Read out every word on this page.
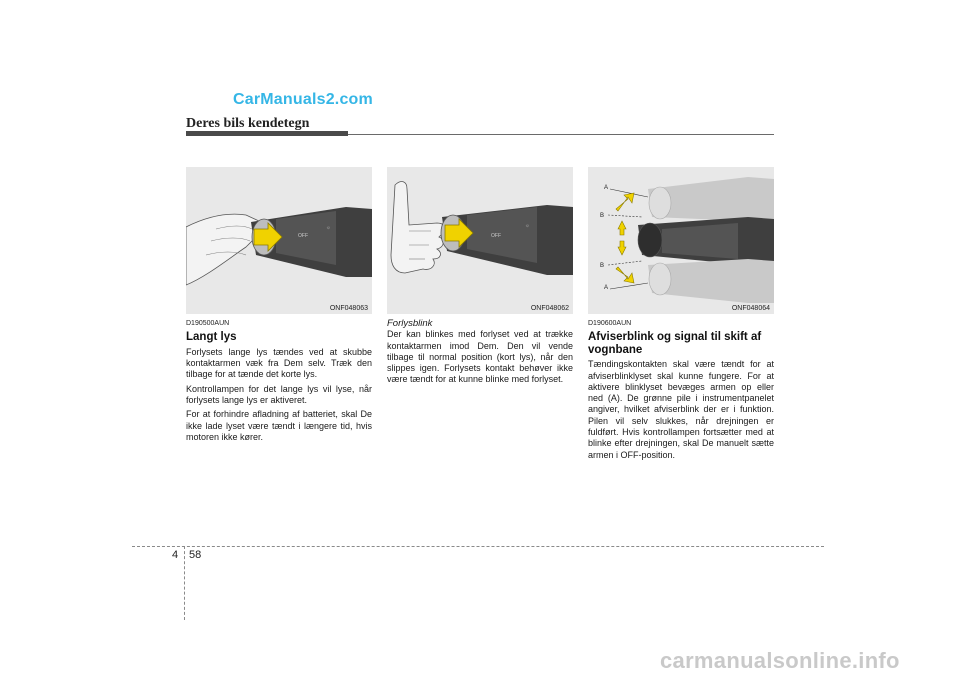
CarManuals2.com
Deres bils kendetegn
OFF
☼
ONF048063
OFF
☼
ONF048062
A
B
B
A
ONF048064
D190500AUN
Langt lys

Forlysets lange lys tændes ved at skubbe kontaktarmen væk fra Dem selv. Træk den tilbage for at tænde det korte lys.

Kontrollampen for det lange lys vil lyse, når forlysets lange lys er aktiveret.

For at forhindre afladning af batteriet, skal De ikke lade lyset være tændt i længere tid, hvis motoren ikke kører.

Forlysblink

Der kan blinkes med forlyset ved at trække kontaktarmen imod Dem. Den vil vende tilbage til normal position (kort lys), når den slippes igen. Forlysets kontakt behøver ikke være tændt for at kunne blinke med forlyset.

D190600AUN
Afviserblink og signal til skift af vognbane

Tændingskontakten skal være tændt for at afviserblinklyset skal kunne fungere. For at aktivere blinklyset bevæges armen op eller ned (A). De grønne pile i instrumentpanelet angiver, hvilket afviserblink der er i funktion. Pilen vil selv slukkes, når drejningen er fuldført. Hvis kontrollampen fortsætter med at blinke efter drejningen, skal De manuelt sætte armen i OFF-position.

4 58
carmanualsonline.info
